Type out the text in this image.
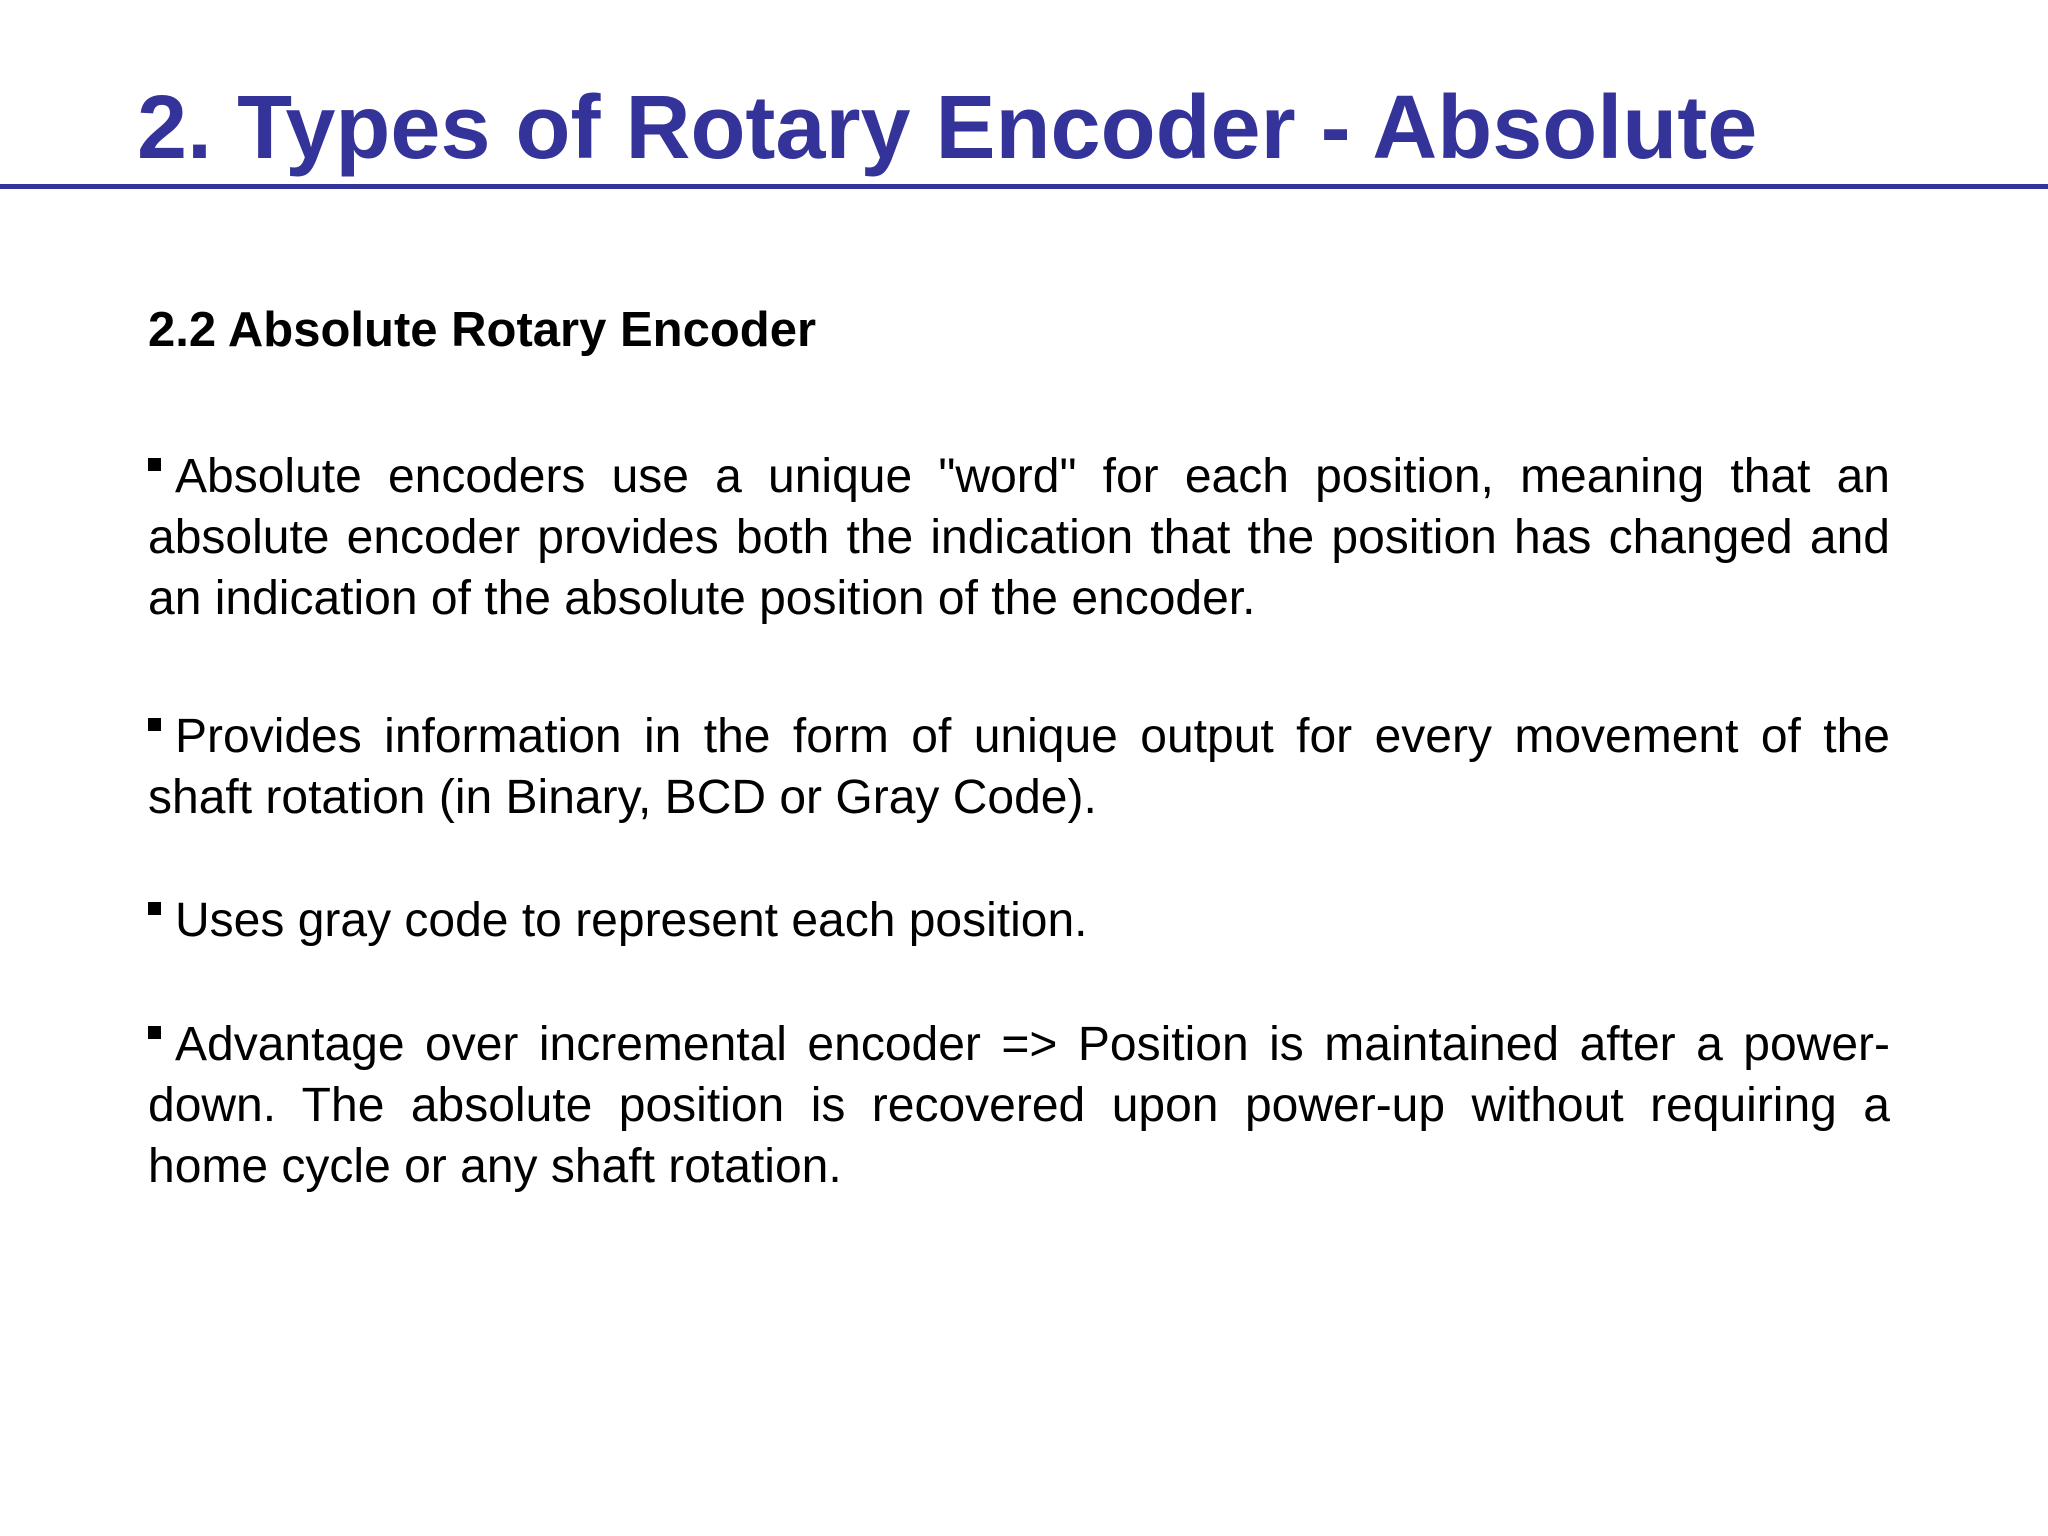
2. Types of Rotary Encoder - Absolute
2.2 Absolute Rotary Encoder
Absolute encoders use a unique "word" for each position, meaning that an absolute encoder provides both the indication that the position has changed and an indication of the absolute position of the encoder.
Provides information in the form of unique output for every movement of the shaft rotation (in Binary, BCD or Gray Code).
Uses gray code to represent each position.
Advantage over incremental encoder => Position is maintained after a power-down. The absolute position is recovered upon power-up without requiring a home cycle or any shaft rotation.
